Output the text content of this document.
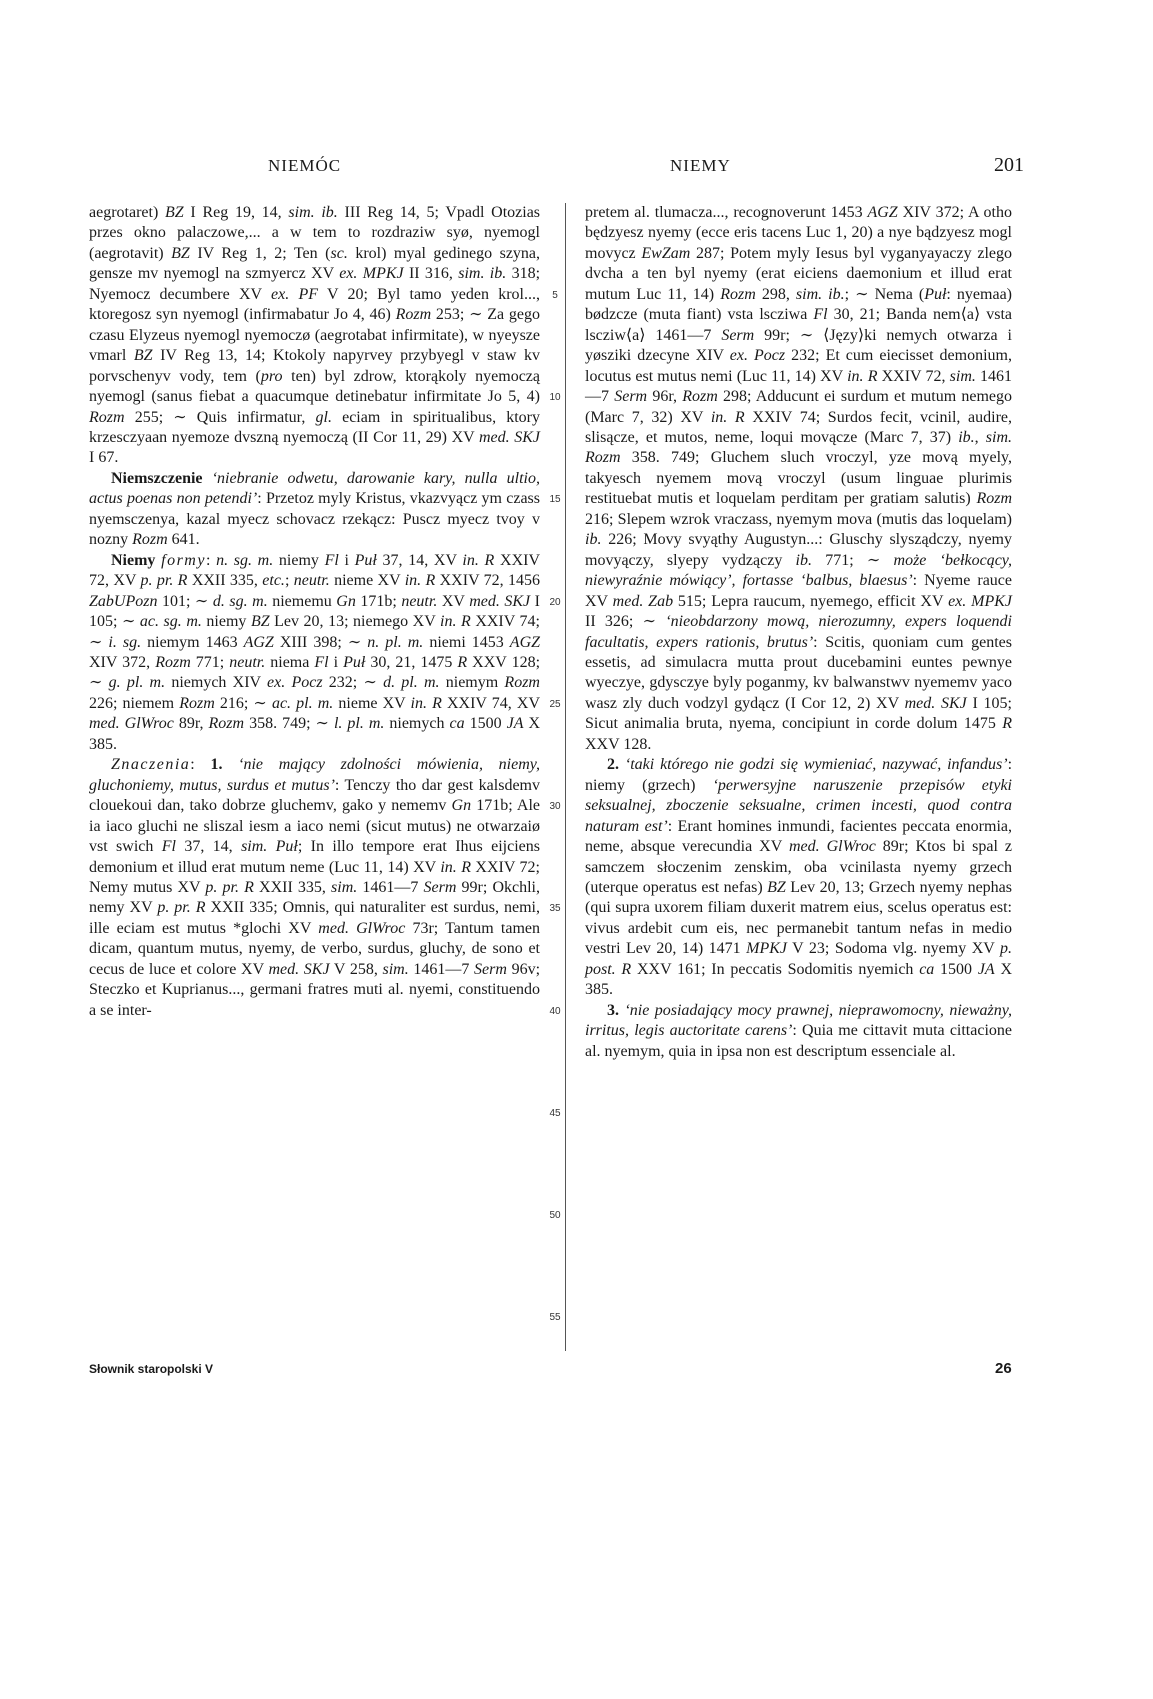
NIEMÓC	NIEMY	201

aegrotaret) BZ I Reg 19, 14, sim. ib. III Reg 14, 5; Vpadl Otozias przes okno palaczowe,... a w tem to rozdraziw syø, nyemogl (aegrotavit) BZ IV Reg 1, 2; Ten (sc. krol) myal gedinego szyna, gensze mv nyemogl na szmyercz XV ex. MPKJ II 316, sim. ib. 318; Nyemocz decumbere XV ex. PF V 20; Byl tamo yeden krol..., ktoregosz syn nyemogl (infirmabatur Jo 4, 46) Rozm 253; ∼ Za gego czasu Elyzeus nyemogl nyemoczø (aegrotabat infirmitate), w nyeysze vmarl BZ IV Reg 13, 14; Ktokoly napyrvey przybyegl v staw kv porvschenyv vody, tem (pro ten) byl zdrow, ktorąkoly nyemoczą nyemogl (sanus fiebat a quacumque detinebatur infirmitate Jo 5, 4) Rozm 255; ∼ Quis infirmatur, gl. eciam in spiritualibus, ktory krzesczyaan nyemoze dvszną nyemoczą (II Cor 11, 29) XV med. SKJ I 67.

Niemszczenie ʻniebranie odwetu, darowanie kary, nulla ultio, actus poenas non petendiʼ: Przetoz myly Kristus, vkazvyącz ym czass nyemsczenya, kazal myecz schovacz rzekącz: Puscz myecz tvoy v nozny Rozm 641.

Niemy formy: n. sg. m. niemy Fl i Puł 37, 14, XV in. R XXIV 72, XV p. pr. R XXII 335, etc.; neutr. nieme XV in. R XXIV 72, 1456 ZabUPozn 101; ∼ d. sg. m. niememu Gn 171b; neutr. XV med. SKJ I 105; ∼ ac. sg. m. niemy BZ Lev 20, 13; niemego XV in. R XXIV 74; ∼ i. sg. niemym 1463 AGZ XIII 398; ∼ n. pl. m. niemi 1453 AGZ XIV 372, Rozm 771; neutr. niema Fl i Puł 30, 21, 1475 R XXV 128; ∼ g. pl. m. niemych XIV ex. Pocz 232; ∼ d. pl. m. niemym Rozm 226; niemem Rozm 216; ∼ ac. pl. m. nieme XV in. R XXIV 74, XV med. GlWroc 89r, Rozm 358. 749; ∼ l. pl. m. niemych ca 1500 JA X 385.

Znaczenia: 1. ʻnie mający zdolności mówienia, niemy, gluchoniemy, mutus, surdus et mutusʼ: Tenczy tho dar gest kalsdemv clouekoui dan, tako dobrze gluchemv, gako y nememv Gn 171b; Ale ia iaco gluchi ne sliszal iesm a iaco nemi (sicut mutus) ne otwarzaiø vst swich Fl 37, 14, sim. Puł; In illo tempore erat Ihus eijciens demonium et illud erat mutum neme (Luc 11, 14) XV in. R XXIV 72; Nemy mutus XV p. pr. R XXII 335, sim. 1461—7 Serm 99r; Okchli, nemy XV p. pr. R XXII 335; Omnis, qui naturaliter est surdus, nemi, ille eciam est mutus *glochi XV med. GlWroc 73r; Tantum tamen dicam, quantum mutus, nyemy, de verbo, surdus, gluchy, de sono et cecus de luce et colore XV med. SKJ V 258, sim. 1461—7 Serm 96v; Steczko et Kuprianus..., germani fratres muti al. nyemi, constituendo a se inter-

5
10
15
20
25
30
35
40
45
50
55

pretem al. tlumacza..., recognoverunt 1453 AGZ XIV 372; A otho będzyesz nyemy (ecce eris tacens Luc 1, 20) a nye bądzyesz mogl movycz EwZam 287; Potem myly Iesus byl vyganyayaczy zlego dvcha a ten byl nyemy (erat eiciens daemonium et illud erat mutum Luc 11, 14) Rozm 298, sim. ib.; ∼ Nema (Puł: nyemaa) bødzcze (muta fiant) vsta lscziwa Fl 30, 21; Banda nem⟨a⟩ vsta lscziw⟨a⟩ 1461—7 Serm 99r; ∼ ⟨Języ⟩ki nemych otwarza i yøsziki dzecyne XIV ex. Pocz 232; Et cum eiecisset demonium, locutus est mutus nemi (Luc 11, 14) XV in. R XXIV 72, sim. 1461—7 Serm 96r, Rozm 298; Adducunt ei surdum et mutum nemego (Marc 7, 32) XV in. R XXIV 74; Surdos fecit, vcinil, audire, slisącze, et mutos, neme, loqui movącze (Marc 7, 37) ib., sim. Rozm 358. 749; Gluchem sluch vroczyl, yze movą myely, takyesch nyemem movą vroczyl (usum linguae plurimis restituebat mutis et loquelam perditam per gratiam salutis) Rozm 216; Slepem wzrok vraczass, nyemym mova (mutis das loquelam) ib. 226; Movy svyąthy Augustyn...: Gluschy slysządczy, nyemy movyączy, slyepy vydzączy ib. 771; ∼ może ʻbełkocący, niewyraźnie mówiącyʼ, fortasse ʻbalbus, blaesusʼ: Nyeme rauce XV med. Zab 515; Lepra raucum, nyemego, efficit XV ex. MPKJ II 326; ∼ ʻnieobdarzony mową, nierozumny, expers loquendi facultatis, expers rationis, brutusʼ: Scitis, quoniam cum gentes essetis, ad simulacra mutta prout ducebamini euntes pewnye wyeczye, gdysczye byly poganmy, kv balwanstwv nyememv yaco wasz zly duch vodzyl gydącz (I Cor 12, 2) XV med. SKJ I 105; Sicut animalia bruta, nyema, concipiunt in corde dolum 1475 R XXV 128.

2. ʻtaki którego nie godzi się wymieniać, nazywać, infandusʼ: niemy (grzech) ʻperwersyjne naruszenie przepisów etyki seksualnej, zboczenie seksualne, crimen incesti, quod contra naturam estʼ: Erant homines inmundi, facientes peccata enormia, neme, absque verecundia XV med. GlWroc 89r; Ktos bi spal z samczem słoczenim zenskim, oba vcinilasta nyemy grzech (uterque operatus est nefas) BZ Lev 20, 13; Grzech nyemy nephas (qui supra uxorem filiam duxerit matrem eius, scelus operatus est: vivus ardebit cum eis, nec permanebit tantum nefas in medio vestri Lev 20, 14) 1471 MPKJ V 23; Sodoma vlg. nyemy XV p. post. R XXV 161; In peccatis Sodomitis nyemich ca 1500 JA X 385.

3. ʻnie posiadający mocy prawnej, nieprawomocny, nieważny, irritus, legis auctoritate carensʼ: Quia me cittavit muta cittacione al. nyemym, quia in ipsa non est descriptum essenciale al.

Słownik staropolski V	26
